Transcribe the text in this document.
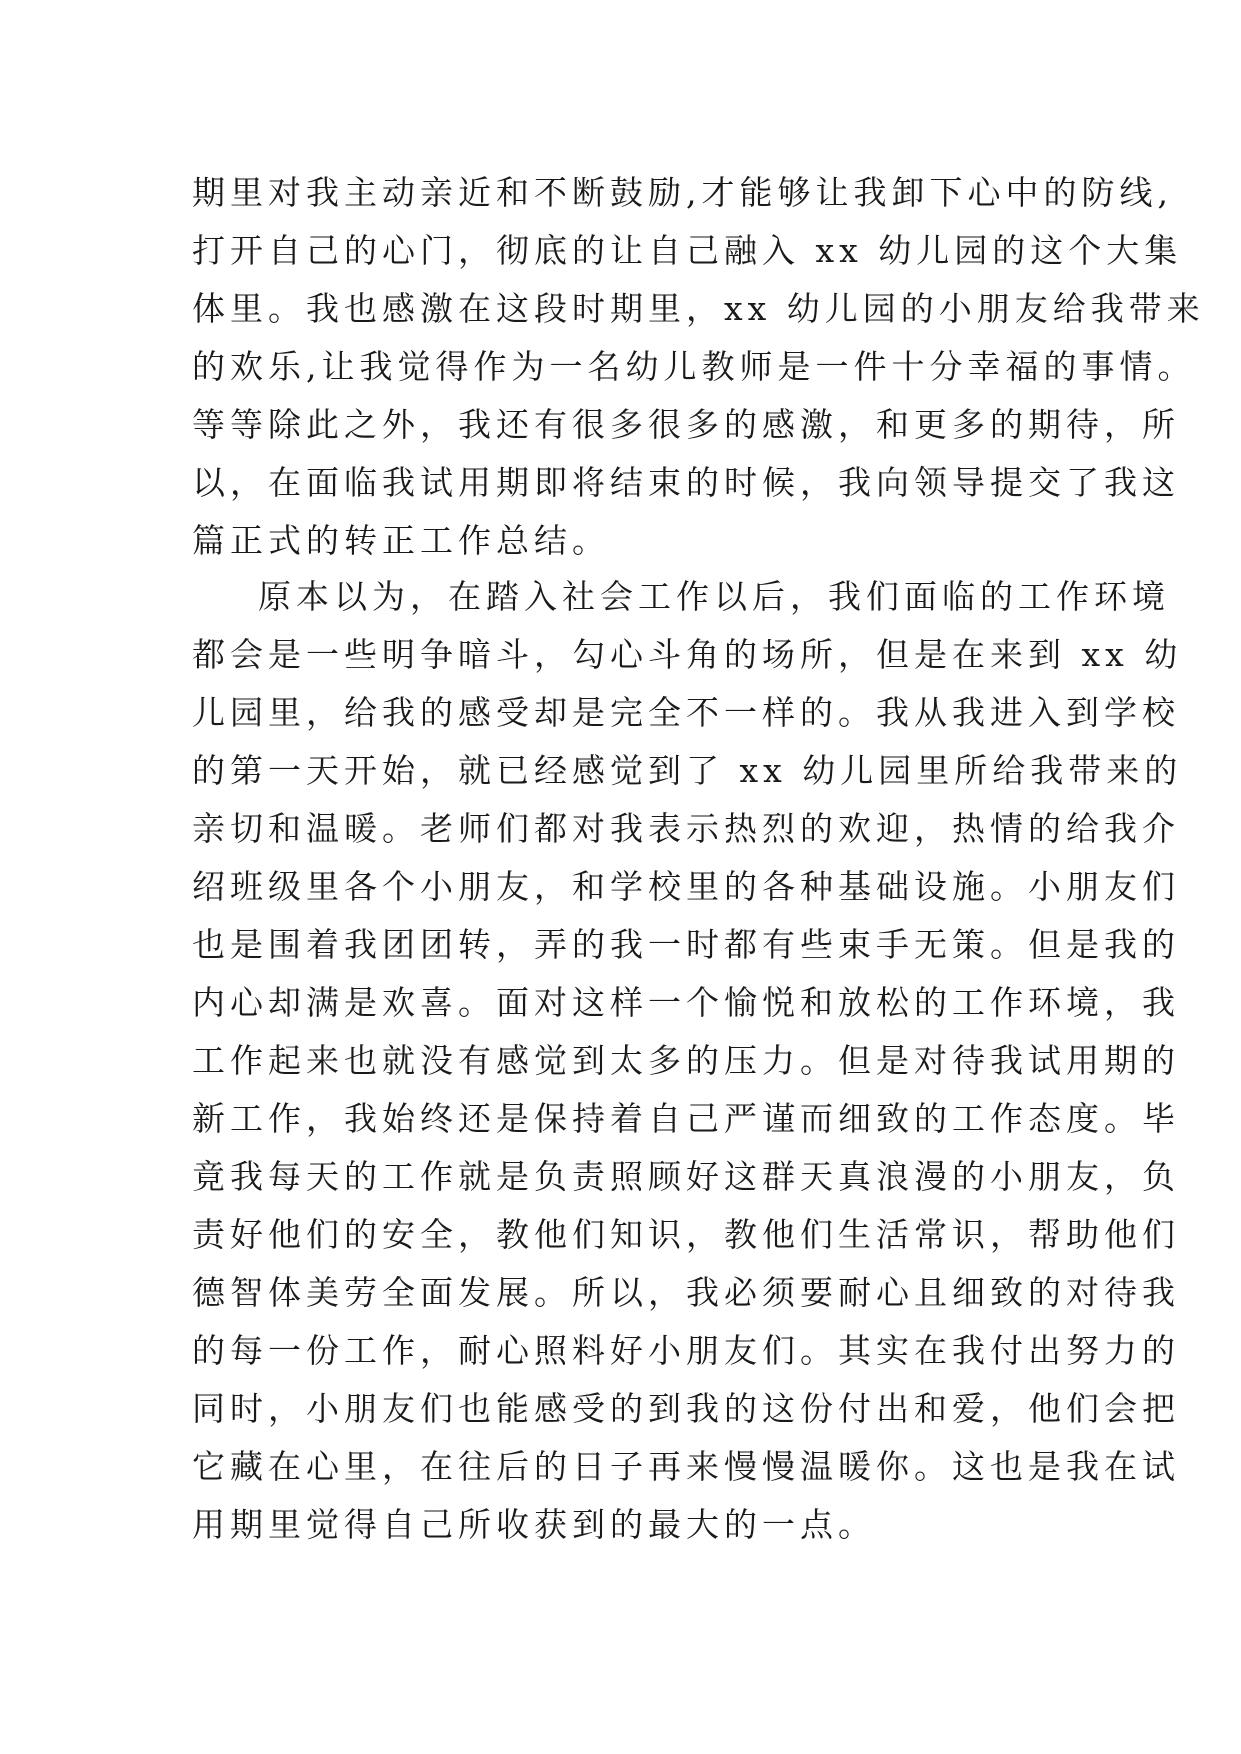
期里对我主动亲近和不断鼓励,才能够让我卸下心中的防线,
打开自己的心门，彻底的让自己融入 xx 幼儿园的这个大集
体里。我也感激在这段时期里，xx 幼儿园的小朋友给我带来
的欢乐,让我觉得作为一名幼儿教师是一件十分幸福的事情。
等等除此之外，我还有很多很多的感激，和更多的期待，所
以，在面临我试用期即将结束的时候，我向领导提交了我这
篇正式的转正工作总结。
原本以为，在踏入社会工作以后，我们面临的工作环境
都会是一些明争暗斗，勾心斗角的场所，但是在来到 xx 幼
儿园里，给我的感受却是完全不一样的。我从我进入到学校
的第一天开始，就已经感觉到了 xx 幼儿园里所给我带来的
亲切和温暖。老师们都对我表示热烈的欢迎，热情的给我介
绍班级里各个小朋友，和学校里的各种基础设施。小朋友们
也是围着我团团转，弄的我一时都有些束手无策。但是我的
内心却满是欢喜。面对这样一个愉悦和放松的工作环境，我
工作起来也就没有感觉到太多的压力。但是对待我试用期的
新工作，我始终还是保持着自己严谨而细致的工作态度。毕
竟我每天的工作就是负责照顾好这群天真浪漫的小朋友，负
责好他们的安全，教他们知识，教他们生活常识，帮助他们
德智体美劳全面发展。所以，我必须要耐心且细致的对待我
的每一份工作，耐心照料好小朋友们。其实在我付出努力的
同时，小朋友们也能感受的到我的这份付出和爱，他们会把
它藏在心里，在往后的日子再来慢慢温暖你。这也是我在试
用期里觉得自己所收获到的最大的一点。
